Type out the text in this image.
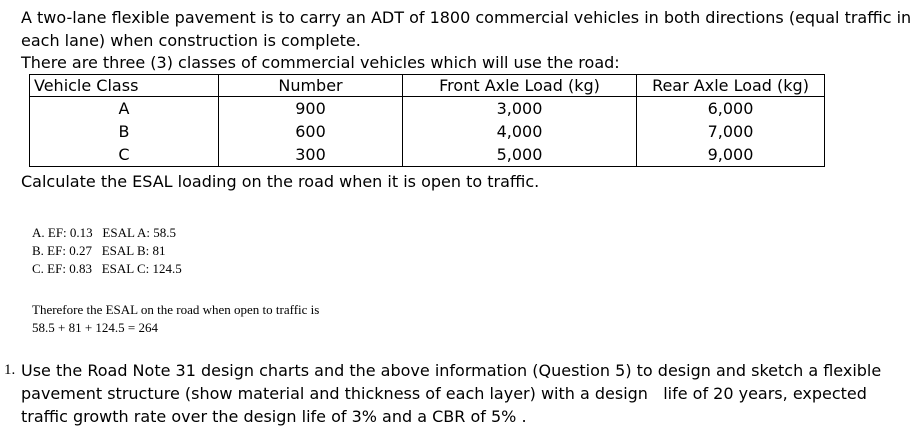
A two-lane flexible pavement is to carry an ADT of 1800 commercial vehicles in both directions (equal traffic in each lane) when construction is complete.
There are three (3) classes of commercial vehicles which will use the road:
Vehicle Class	Number	Front Axle Load (kg)	Rear Axle Load (kg)
A	900	3,000	6,000
B	600	4,000	7,000
C	300	5,000	9,000
Calculate the ESAL loading on the road when it is open to traffic.
A. EF: 0.13   ESAL A: 58.5
B. EF: 0.27   ESAL B: 81
C. EF: 0.83   ESAL C: 124.5
Therefore the ESAL on the road when open to traffic is
58.5 + 81 + 124.5 = 264
1. Use the Road Note 31 design charts and the above information (Question 5) to design and sketch a flexible pavement structure (show material and thickness of each layer) with a design   life of 20 years, expected traffic growth rate over the design life of 3% and a CBR of 5% .
